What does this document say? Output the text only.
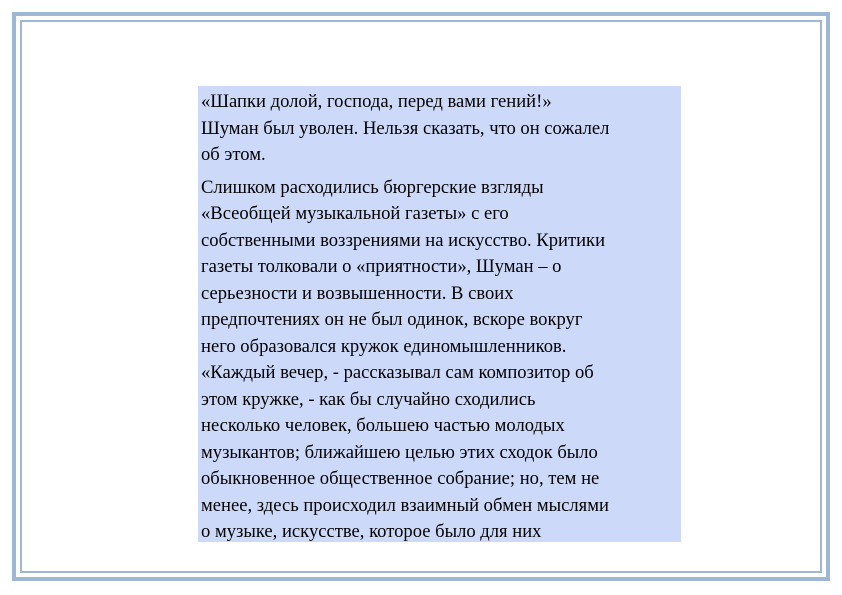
«Шапки долой, господа, перед вами гений!»
Шуман был уволен. Нельзя сказать, что он сожалел
об этом.

Слишком расходились бюргерские взгляды
«Всеобщей музыкальной газеты» с его
собственными воззрениями на искусство. Критики
газеты толковали о «приятности», Шуман – о
серьезности и возвышенности. В своих
предпочтениях он не был одинок, вскоре вокруг
него образовался кружок единомышленников.
«Каждый вечер, - рассказывал сам композитор об
этом кружке, - как бы случайно сходились
несколько человек, большею частью молодых
музыкантов; ближайшею целью этих сходок было
обыкновенное общественное собрание; но, тем не
менее, здесь происходил взаимный обмен мыслями
о музыке, искусстве, которое было для них
